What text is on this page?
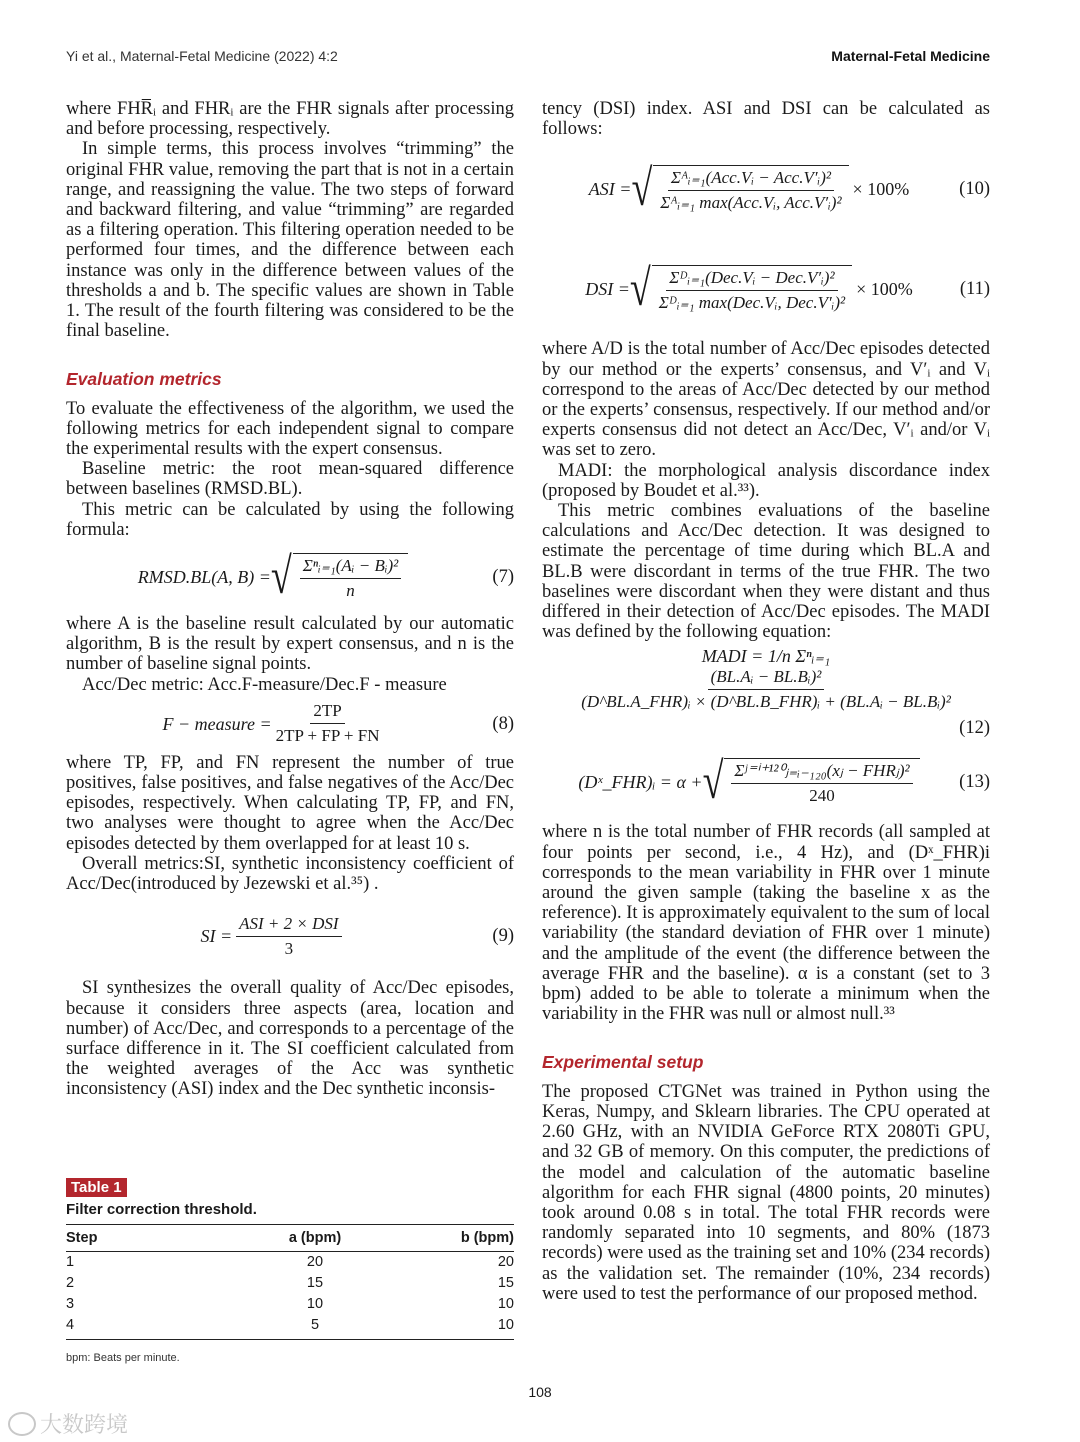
Yi et al., Maternal-Fetal Medicine (2022) 4:2	Maternal-Fetal Medicine

where FHR̅ᵢ and FHRᵢ are the FHR signals after processing and before processing, respectively.

In simple terms, this process involves “trimming” the original FHR value, removing the part that is not in a certain range, and reassigning the value. The two steps of forward and backward filtering, and value “trimming” are regarded as a filtering operation. This filtering operation needed to be performed four times, and the difference between each instance was only in the difference between values of the thresholds a and b. The specific values are shown in Table 1. The result of the fourth filtering was considered to be the final baseline.

Evaluation metrics

To evaluate the effectiveness of the algorithm, we used the following metrics for each independent signal to compare the experimental results with the expert consensus.

Baseline metric: the root mean-squared difference between baselines (RMSD.BL).

This metric can be calculated by using the following formula:

RMSD.BL(A, B) = √ $\frac{\text{Σⁿᵢ₌₁(Aᵢ − Bᵢ)²}}{n}$	(7)

where A is the baseline result calculated by our automatic algorithm, B is the result by expert consensus, and n is the number of baseline signal points.

Acc/Dec metric: Acc.F-measure/Dec.F - measure

F − measure = $\frac{2TP}{2TP + FP + FN}$	(8)

where TP, FP, and FN represent the number of true positives, false positives, and false negatives of the Acc/Dec episodes, respectively. When calculating TP, FP, and FN, two analyses were thought to agree when the Acc/Dec episodes detected by them overlapped for at least 10 s.

Overall metrics:SI, synthetic inconsistency coefficient of Acc/Dec(introduced by Jezewski et al.³⁵) .

SI = $\frac{\text{ASI + 2 × DSI}}{3}$	(9)

SI synthesizes the overall quality of Acc/Dec episodes, because it considers three aspects (area, location and number) of Acc/Dec, and corresponds to a percentage of the surface difference in it. The SI coefficient calculated from the weighted averages of the Acc was synthetic inconsistency (ASI) index and the Dec synthetic inconsis-

Table 1
Filter correction threshold.
Step	a (bpm)	b (bpm)
1	20	20
2	15	15
3	10	10
4	5	10
bpm: Beats per minute.

tency (DSI) index. ASI and DSI can be calculated as follows:

ASI = √ $\frac{\text{Σᴬᵢ₌₁(Acc.Vᵢ − Acc.V′ᵢ)²}}{\text{Σᴬᵢ₌₁ max(Acc.Vᵢ, Acc.V′ᵢ)²}} \times 100\%$	(10)
DSI = √ $\frac{\text{Σᴰᵢ₌₁(Dec.Vᵢ − Dec.V′ᵢ)²}}{\text{Σᴰᵢ₌₁ max(Dec.Vᵢ, Dec.V′ᵢ)²}} \times 100\%$	(11)

where A/D is the total number of Acc/Dec episodes detected by our method or the experts’ consensus, and V′ᵢ and Vᵢ correspond to the areas of Acc/Dec detected by our method or the experts’ consensus, respectively. If our method and/or experts consensus did not detect an Acc/Dec, V′ᵢ and/or Vᵢ was set to zero.

MADI: the morphological analysis discordance index (proposed by Boudet et al.³³).

This metric combines evaluations of the baseline calculations and Acc/Dec detection. It was designed to estimate the percentage of time during which BL.A and BL.B were discordant in terms of the true FHR. The two baselines were discordant when they were distant and thus differed in their detection of Acc/Dec episodes. The MADI was defined by the following equation:

MADI = 1/n Σⁿᵢ₌₁
$\frac{\text{(BL.Aᵢ − BL.Bᵢ)²}}{\text{(D\textasciicircum{}BL.A\_FHR)ᵢ × (D\textasciicircum{}BL.B\_FHR)ᵢ + (BL.Aᵢ − BL.Bᵢ)²}}$
(12)
(Dˣ_FHR)ᵢ = α + √ $\frac{\text{Σʲ⁼ⁱ⁺¹²⁰ⱼ₌ᵢ₋₁₂₀(xⱼ − FHRⱼ)²}}{240}$	(13)

where n is the total number of FHR records (all sampled at four points per second, i.e., 4 Hz), and (Dˣ_FHR)i corresponds to the mean variability in FHR over 1 minute around the given sample (taking the baseline x as the reference). It is approximately equivalent to the sum of local variability (the standard deviation of FHR over 1 minute) and the amplitude of the event (the difference between the average FHR and the baseline). α is a constant (set to 3 bpm) added to be able to tolerate a minimum when the variability in the FHR was null or almost null.³³

Experimental setup

The proposed CTGNet was trained in Python using the Keras, Numpy, and Sklearn libraries. The CPU operated at 2.60 GHz, with an NVIDIA GeForce RTX 2080Ti GPU, and 32 GB of memory. On this computer, the predictions of the model and calculation of the automatic baseline algorithm for each FHR signal (4800 points, 20 minutes) took around 0.08 s in total. The total FHR records were randomly separated into 10 segments, and 80% (1873 records) were used as the training set and 10% (234 records) as the validation set. The remainder (10%, 234 records) were used to test the performance of our proposed method.

108
大数跨境
